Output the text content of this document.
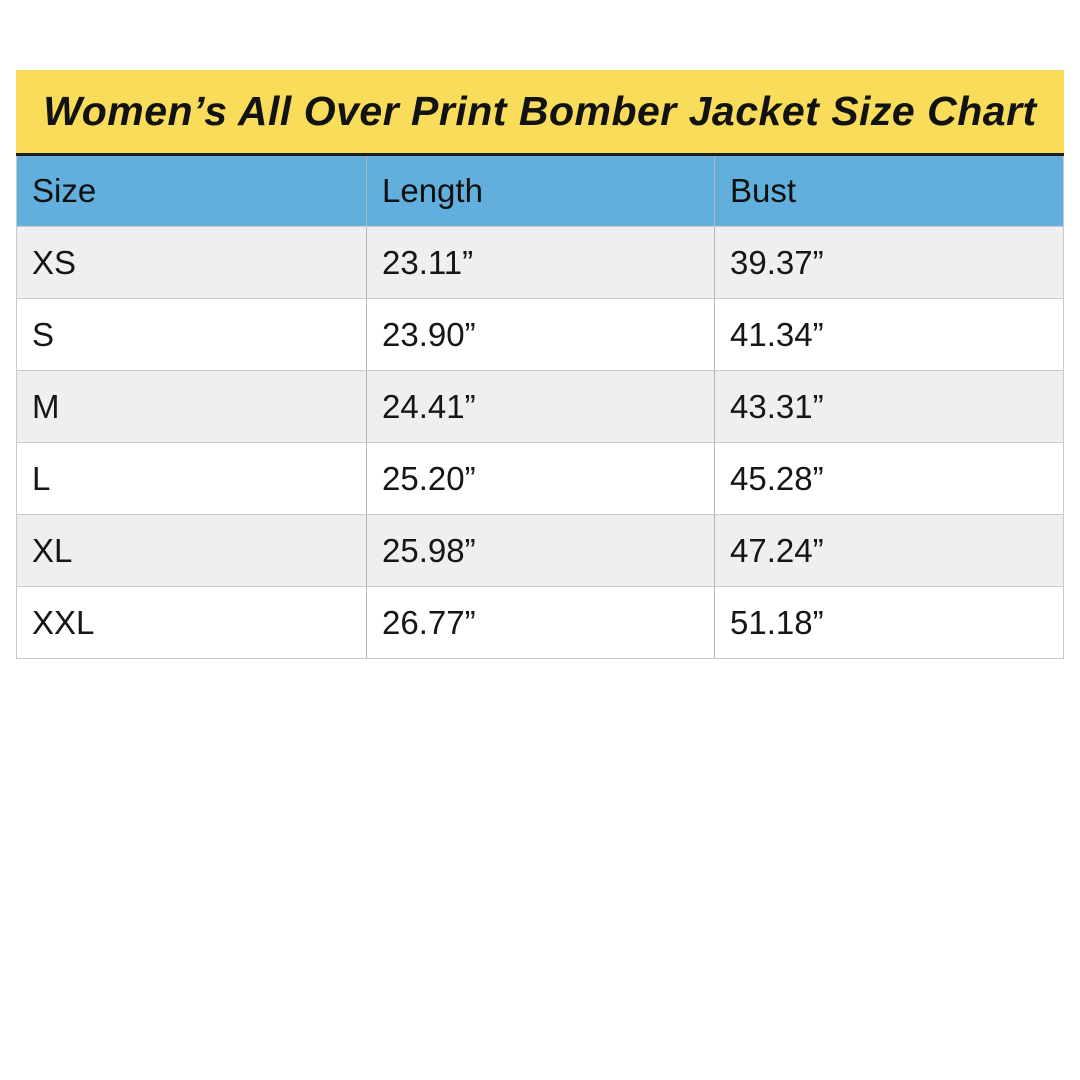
Women’s All Over Print Bomber Jacket Size Chart
Size	Length	Bust
XS	23.11”	39.37”
S	23.90”	41.34”
M	24.41”	43.31”
L	25.20”	45.28”
XL	25.98”	47.24”
XXL	26.77”	51.18”
